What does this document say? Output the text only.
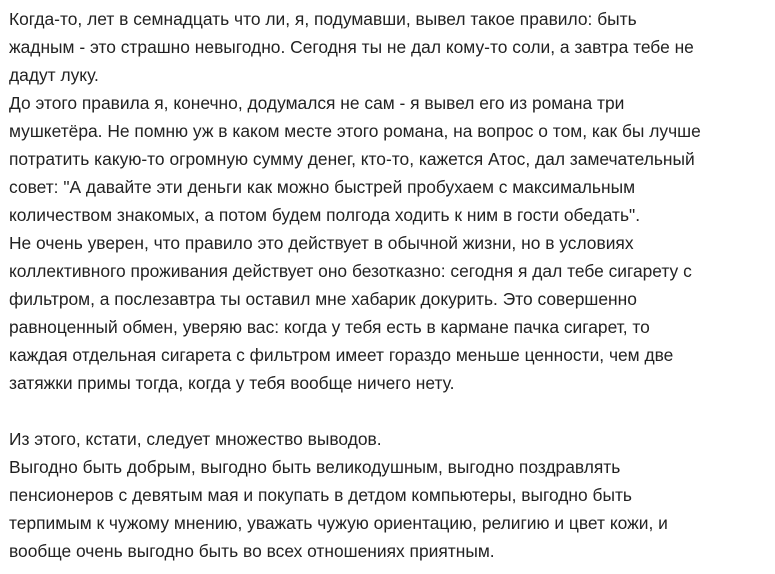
Когда-то, лет в семнадцать что ли, я, подумавши, вывел такое правило: быть
жадным - это страшно невыгодно. Сегодня ты не дал кому-то соли, а завтра тебе не
дадут луку.
До этого правила я, конечно, додумался не сам - я вывел его из романа три
мушкетёра. Не помню уж в каком месте этого романа, на вопрос о том, как бы лучше
потратить какую-то огромную сумму денег, кто-то, кажется Атос, дал замечательный
совет: "А давайте эти деньги как можно быстрей пробухаем с максимальным
количеством знакомых, а потом будем полгода ходить к ним в гости обедать".
Не очень уверен, что правило это действует в обычной жизни, но в условиях
коллективного проживания действует оно безотказно: сегодня я дал тебе сигарету с
фильтром, а послезавтра ты оставил мне хабарик докурить. Это совершенно
равноценный обмен, уверяю вас: когда у тебя есть в кармане пачка сигарет, то
каждая отдельная сигарета с фильтром имеет гораздо меньше ценности, чем две
затяжки примы тогда, когда у тебя вообще ничего нету.
Из этого, кстати, следует множество выводов.
Выгодно быть добрым, выгодно быть великодушным, выгодно поздравлять
пенсионеров с девятым мая и покупать в детдом компьютеры, выгодно быть
терпимым к чужому мнению, уважать чужую ориентацию, религию и цвет кожи, и
вообще очень выгодно быть во всех отношениях приятным.
